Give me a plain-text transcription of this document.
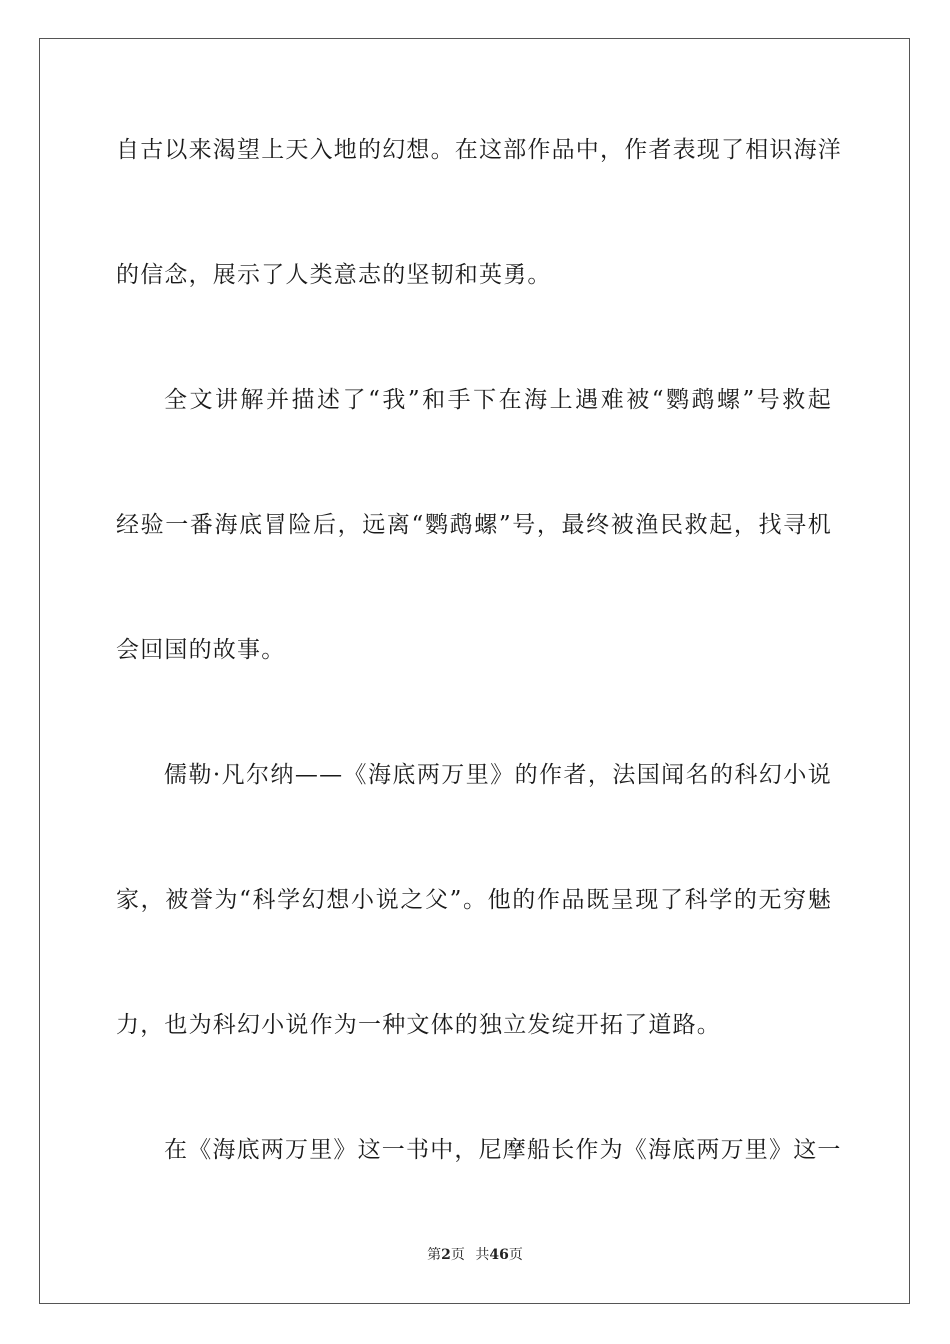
自古以来渴望上天入地的幻想。在这部作品中，作者表现了相识海洋
的信念，展示了人类意志的坚韧和英勇。
全文讲解并描述了“我”和手下在海上遇难被“鹦鹉螺”号救起
经验一番海底冒险后，远离“鹦鹉螺”号，最终被渔民救起，找寻机
会回国的故事。
儒勒·凡尔纳——《海底两万里》的作者，法国闻名的科幻小说
家，被誉为“科学幻想小说之父”。他的作品既呈现了科学的无穷魅
力，也为科幻小说作为一种文体的独立发绽开拓了道路。
在《海底两万里》这一书中，尼摩船长作为《海底两万里》这一
第2页 共46页
